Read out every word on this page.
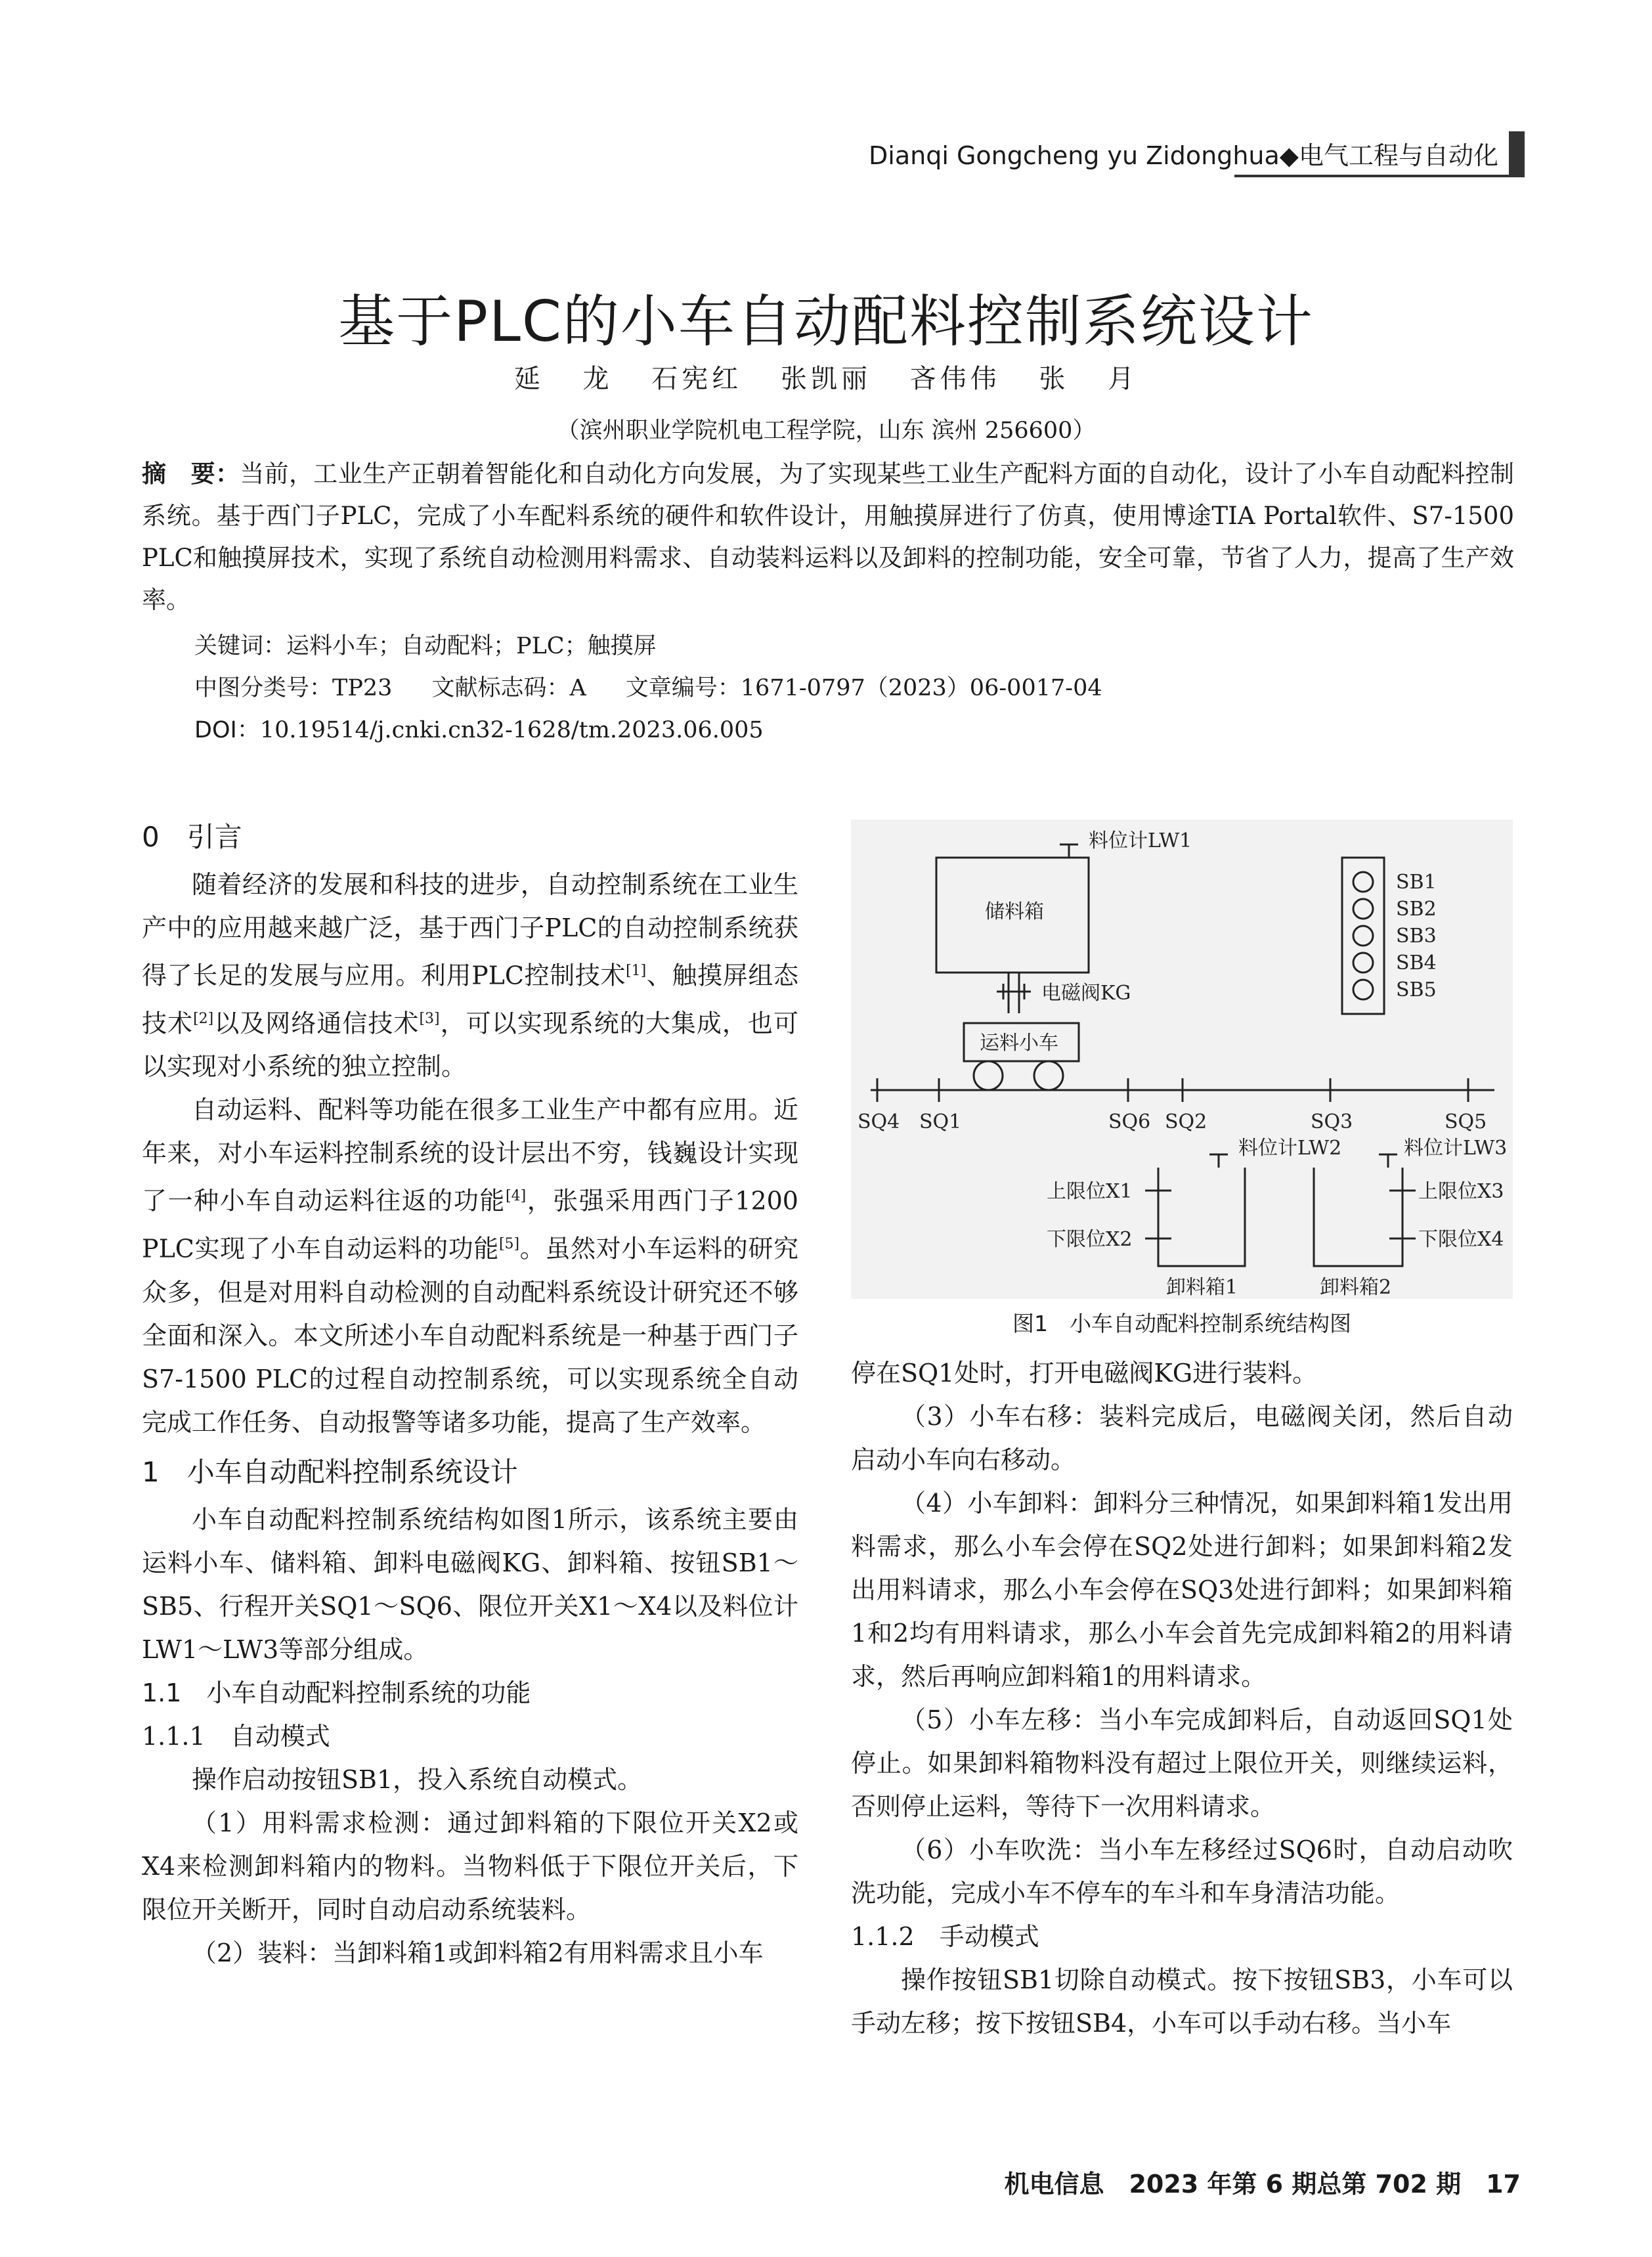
Dianqi Gongcheng yu Zidonghua◆电气工程与自动化
基于PLC的小车自动配料控制系统设计
延 龙 石宪红 张凯丽 吝伟伟 张 月
（滨州职业学院机电工程学院，山东 滨州 256600）
摘　要：当前，工业生产正朝着智能化和自动化方向发展，为了实现某些工业生产配料方面的自动化，设计了小车自动配料控制系统。基于西门子PLC，完成了小车配料系统的硬件和软件设计，用触摸屏进行了仿真，使用博途TIA Portal软件、S7-1500 PLC和触摸屏技术，实现了系统自动检测用料需求、自动装料运料以及卸料的控制功能，安全可靠，节省了人力，提高了生产效率。
关键词：运料小车；自动配料；PLC；触摸屏
中图分类号：TP23 文献标志码：A 文章编号：1671-0797（2023）06-0017-04
DOI：10.19514/j.cnki.cn32-1628/tm.2023.06.005

0　引言

随着经济的发展和科技的进步，自动控制系统在工业生产中的应用越来越广泛，基于西门子PLC的自动控制系统获得了长足的发展与应用。利用PLC控制技术[1]、触摸屏组态技术[2]以及网络通信技术[3]，可以实现系统的大集成，也可以实现对小系统的独立控制。

自动运料、配料等功能在很多工业生产中都有应用。近年来，对小车运料控制系统的设计层出不穷，钱巍设计实现了一种小车自动运料往返的功能[4]，张强采用西门子1200 PLC实现了小车自动运料的功能[5]。虽然对小车运料的研究众多，但是对用料自动检测的自动配料系统设计研究还不够全面和深入。本文所述小车自动配料系统是一种基于西门子S7-1500 PLC的过程自动控制系统，可以实现系统全自动完成工作任务、自动报警等诸多功能，提高了生产效率。

1　小车自动配料控制系统设计

小车自动配料控制系统结构如图1所示，该系统主要由运料小车、储料箱、卸料电磁阀KG、卸料箱、按钮SB1～SB5、行程开关SQ1～SQ6、限位开关X1～X4以及料位计LW1～LW3等部分组成。

1.1　小车自动配料控制系统的功能

1.1.1　自动模式

操作启动按钮SB1，投入系统自动模式。

（1）用料需求检测：通过卸料箱的下限位开关X2或X4来检测卸料箱内的物料。当物料低于下限位开关后，下限位开关断开，同时自动启动系统装料。

（2）装料：当卸料箱1或卸料箱2有用料需求且小车

料位计LW1
储料箱
电磁阀KG
运料小车
SB1
SB2
SB3
SB4
SB5
SQ4 SQ1	SQ6 SQ2	SQ3	SQ5
料位计LW2
上限位X1
下限位X2
卸料箱1
料位计LW3
上限位X3
下限位X4
卸料箱2
图1　小车自动配料控制系统结构图

停在SQ1处时，打开电磁阀KG进行装料。

（3）小车右移：装料完成后，电磁阀关闭，然后自动启动小车向右移动。

（4）小车卸料：卸料分三种情况，如果卸料箱1发出用料需求，那么小车会停在SQ2处进行卸料；如果卸料箱2发出用料请求，那么小车会停在SQ3处进行卸料；如果卸料箱1和2均有用料请求，那么小车会首先完成卸料箱2的用料请求，然后再响应卸料箱1的用料请求。

（5）小车左移：当小车完成卸料后，自动返回SQ1处停止。如果卸料箱物料没有超过上限位开关，则继续运料，否则停止运料，等待下一次用料请求。

（6）小车吹洗：当小车左移经过SQ6时，自动启动吹洗功能，完成小车不停车的车斗和车身清洁功能。

1.1.2　手动模式

操作按钮SB1切除自动模式。按下按钮SB3，小车可以手动左移；按下按钮SB4，小车可以手动右移。当小车

机电信息　2023 年第 6 期总第 702 期　17
